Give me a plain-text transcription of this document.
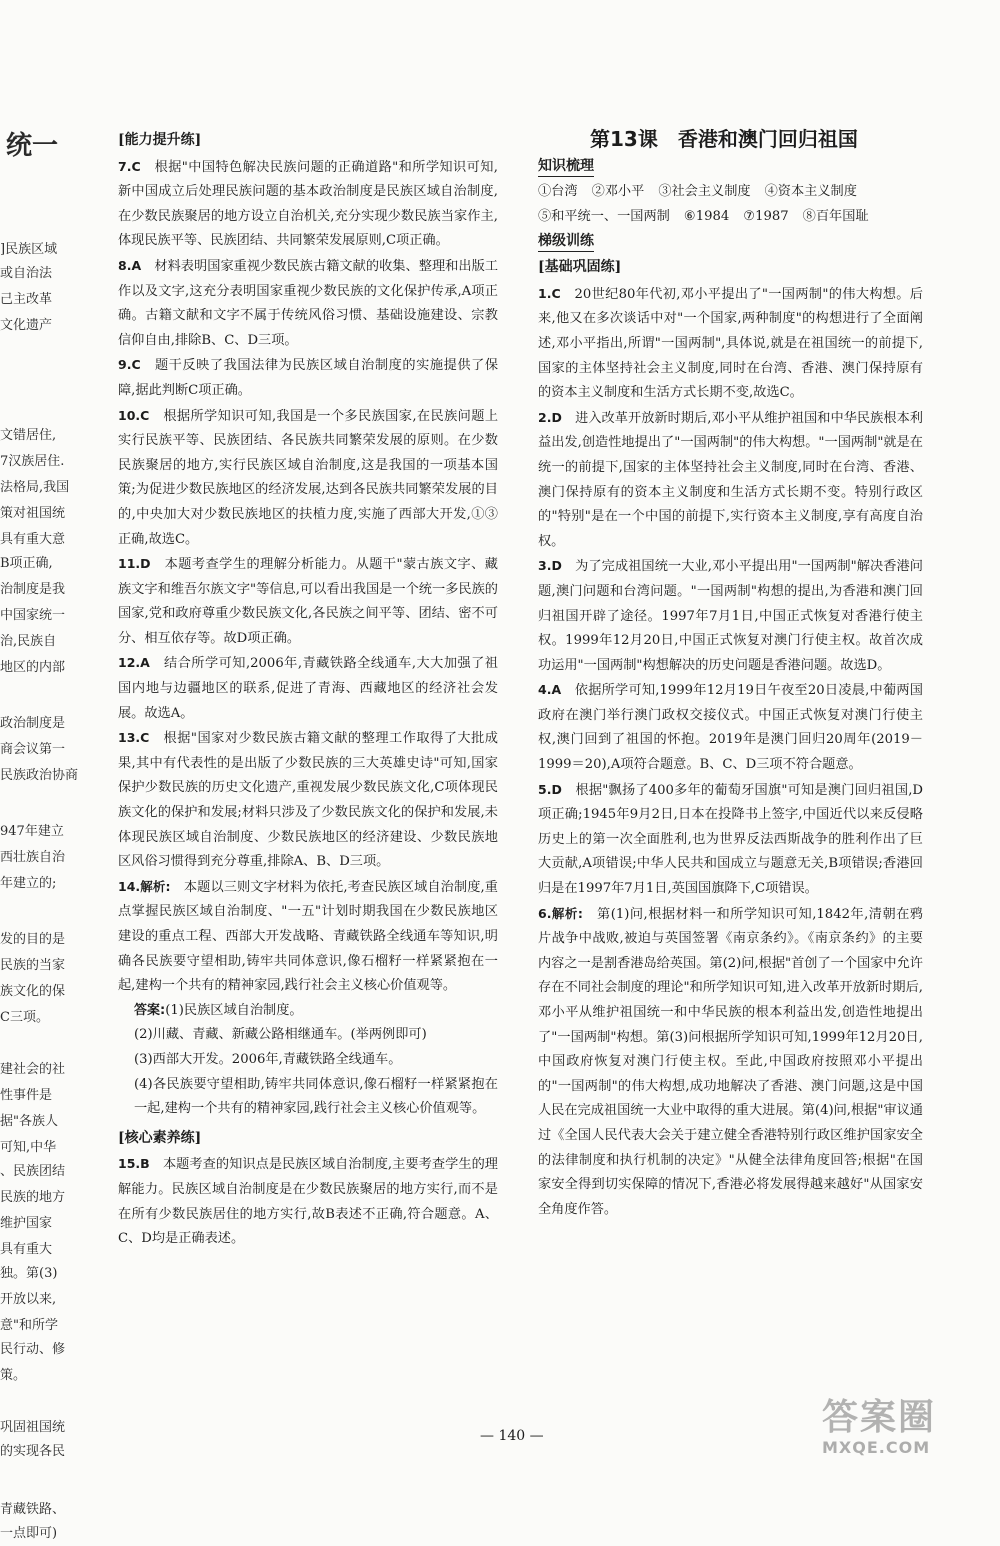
统一
]民族区域
或自治法
己主改革
文化遗产
文错居住,
7汉族居住.
法格局,我国
策对祖国统
具有重大意
B项正确,
治制度是我
中国家统一
治,民族自
地区的内部
政治制度是
商会议第一
民族政治协商
947年建立
西壮族自治
年建立的;
发的目的是
民族的当家
族文化的保
C三项。
建社会的社
性事件是
据"各族人
可知,中华
、民族团结
民族的地方
维护国家
具有重大
独。第(3)
开放以来,
意"和所学
民行动、修
策。
巩固祖国统
的实现各民
青藏铁路、
一点即可)
[能力提升练]

7.C　 根据"中国特色解决民族问题的正确道路"和所学知识可知,新中国成立后处理民族问题的基本政治制度是民族区域自治制度,在少数民族聚居的地方设立自治机关,充分实现少数民族当家作主,体现民族平等、民族团结、共同繁荣发展原则,C项正确。

8.A　 材料表明国家重视少数民族古籍文献的收集、整理和出版工作以及文字,这充分表明国家重视少数民族的文化保护传承,A项正确。古籍文献和文字不属于传统风俗习惯、基础设施建设、宗教信仰自由,排除B、C、D三项。

9.C　 题干反映了我国法律为民族区域自治制度的实施提供了保障,据此判断C项正确。

10.C　 根据所学知识可知,我国是一个多民族国家,在民族问题上实行民族平等、民族团结、各民族共同繁荣发展的原则。在少数民族聚居的地方,实行民族区域自治制度,这是我国的一项基本国策;为促进少数民族地区的经济发展,达到各民族共同繁荣发展的目的,中央加大对少数民族地区的扶植力度,实施了西部大开发,①③正确,故选C。

11.D　 本题考查学生的理解分析能力。从题干"蒙古族文字、藏族文字和维吾尔族文字"等信息,可以看出我国是一个统一多民族的国家,党和政府尊重少数民族文化,各民族之间平等、团结、密不可分、相互依存等。故D项正确。

12.A　 结合所学可知,2006年,青藏铁路全线通车,大大加强了祖国内地与边疆地区的联系,促进了青海、西藏地区的经济社会发展。故选A。

13.C　 根据"国家对少数民族古籍文献的整理工作取得了大批成果,其中有代表性的是出版了少数民族的三大英雄史诗"可知,国家保护少数民族的历史文化遗产,重视发展少数民族文化,C项体现民族文化的保护和发展;材料只涉及了少数民族文化的保护和发展,未体现民族区域自治制度、少数民族地区的经济建设、少数民族地区风俗习惯得到充分尊重,排除A、B、D三项。

14.解析:　 本题以三则文字材料为依托,考查民族区域自治制度,重点掌握民族区域自治制度、"一五"计划时期我国在少数民族地区建设的重点工程、西部大开发战略、青藏铁路全线通车等知识,明确各民族要守望相助,铸牢共同体意识,像石榴籽一样紧紧抱在一起,建构一个共有的精神家园,践行社会主义核心价值观等。

答案:(1)民族区域自治制度。

(2)川藏、青藏、新藏公路相继通车。(举两例即可)

(3)西部大开发。2006年,青藏铁路全线通车。

(4)各民族要守望相助,铸牢共同体意识,像石榴籽一样紧紧抱在一起,建构一个共有的精神家园,践行社会主义核心价值观等。

[核心素养练]

15.B　 本题考查的知识点是民族区域自治制度,主要考查学生的理解能力。民族区域自治制度是在少数民族聚居的地方实行,而不是在所有少数民族居住的地方实行,故B表述不正确,符合题意。A、C、D均是正确表述。

第13课　香港和澳门回归祖国
知识梳理
①台湾 ②邓小平 ③社会主义制度 ④资本主义制度
⑤和平统一、一国两制 ⑥1984 ⑦1987 ⑧百年国耻
梯级训练
[基础巩固练]

1.C　 20世纪80年代初,邓小平提出了"一国两制"的伟大构想。后来,他又在多次谈话中对"一个国家,两种制度"的构想进行了全面阐述,邓小平指出,所谓"一国两制",具体说,就是在祖国统一的前提下,国家的主体坚持社会主义制度,同时在台湾、香港、澳门保持原有的资本主义制度和生活方式长期不变,故选C。

2.D　 进入改革开放新时期后,邓小平从维护祖国和中华民族根本利益出发,创造性地提出了"一国两制"的伟大构想。"一国两制"就是在统一的前提下,国家的主体坚持社会主义制度,同时在台湾、香港、澳门保持原有的资本主义制度和生活方式长期不变。特别行政区的"特别"是在一个中国的前提下,实行资本主义制度,享有高度自治权。

3.D　 为了完成祖国统一大业,邓小平提出用"一国两制"解决香港问题,澳门问题和台湾问题。"一国两制"构想的提出,为香港和澳门回归祖国开辟了途径。1997年7月1日,中国正式恢复对香港行使主权。1999年12月20日,中国正式恢复对澳门行使主权。故首次成功运用"一国两制"构想解决的历史问题是香港问题。故选D。

4.A　 依据所学可知,1999年12月19日午夜至20日凌晨,中葡两国政府在澳门举行澳门政权交接仪式。中国正式恢复对澳门行使主权,澳门回到了祖国的怀抱。2019年是澳门回归20周年(2019－1999＝20),A项符合题意。B、C、D三项不符合题意。

5.D　 根据"飘扬了400多年的葡萄牙国旗"可知是澳门回归祖国,D项正确;1945年9月2日,日本在投降书上签字,中国近代以来反侵略历史上的第一次全面胜利,也为世界反法西斯战争的胜利作出了巨大贡献,A项错误;中华人民共和国成立与题意无关,B项错误;香港回归是在1997年7月1日,英国国旗降下,C项错误。

6.解析:　 第(1)问,根据材料一和所学知识可知,1842年,清朝在鸦片战争中战败,被迫与英国签署《南京条约》。《南京条约》的主要内容之一是割香港岛给英国。第(2)问,根据"首创了一个国家中允许存在不同社会制度的理论"和所学知识可知,进入改革开放新时期后,邓小平从维护祖国统一和中华民族的根本利益出发,创造性地提出了"一国两制"构想。第(3)问根据所学知识可知,1999年12月20日,中国政府恢复对澳门行使主权。至此,中国政府按照邓小平提出的"一国两制"的伟大构想,成功地解决了香港、澳门问题,这是中国人民在完成祖国统一大业中取得的重大进展。第(4)问,根据"审议通过《全国人民代表大会关于建立健全香港特别行政区维护国家安全的法律制度和执行机制的决定》"从健全法律角度回答;根据"在国家安全得到切实保障的情况下,香港必将发展得越来越好"从国家安全角度作答。

— 140 —	答案圈
MXQE.COM
